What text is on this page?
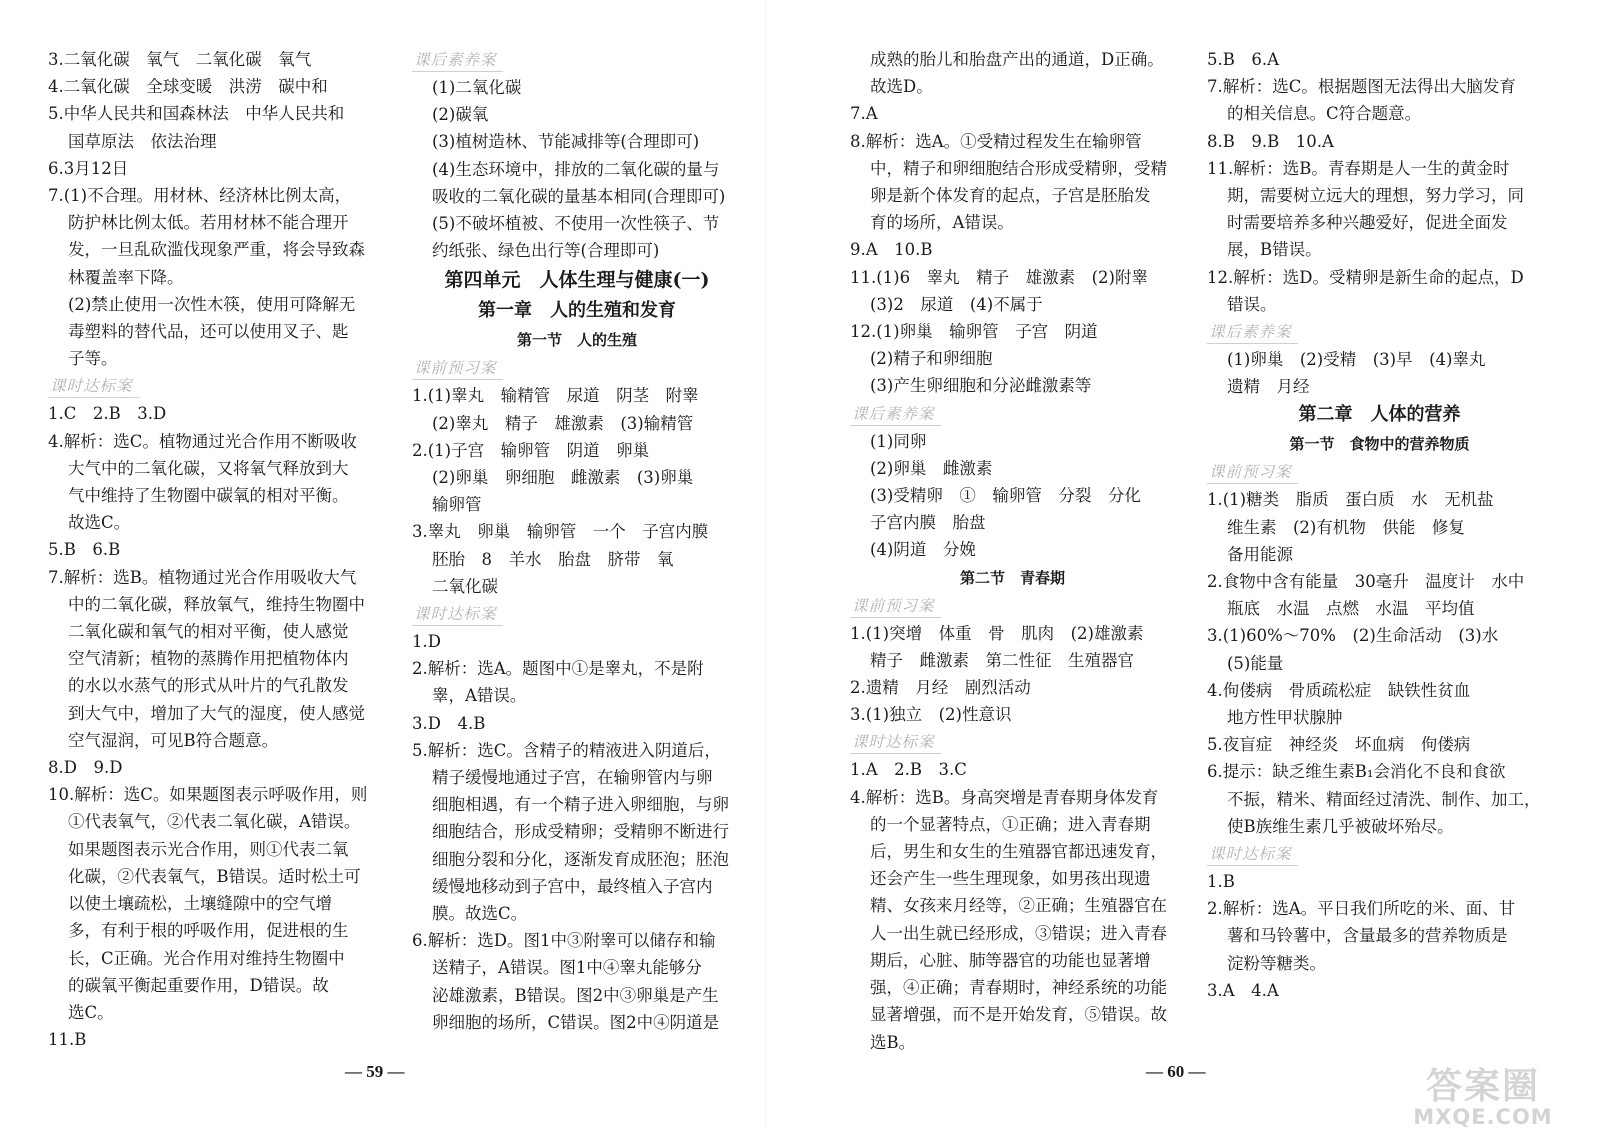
3.二氧化碳　氧气　二氧化碳　氧气
4.二氧化碳　全球变暖　洪涝　碳中和
5.中华人民共和国森林法　中华人民共和
国草原法　依法治理
6.3月12日
7.(1)不合理。用材林、经济林比例太高，
防护林比例太低。若用材林不能合理开
发，一旦乱砍滥伐现象严重，将会导致森
林覆盖率下降。
(2)禁止使用一次性木筷，使用可降解无
毒塑料的替代品，还可以使用叉子、匙
子等。
课时达标案
1.C　2.B　3.D
4.解析：选C。植物通过光合作用不断吸收
大气中的二氧化碳，又将氧气释放到大
气中维持了生物圈中碳氧的相对平衡。
故选C。
5.B　6.B
7.解析：选B。植物通过光合作用吸收大气
中的二氧化碳，释放氧气，维持生物圈中
二氧化碳和氧气的相对平衡，使人感觉
空气清新；植物的蒸腾作用把植物体内
的水以水蒸气的形式从叶片的气孔散发
到大气中，增加了大气的湿度，使人感觉
空气湿润，可见B符合题意。
8.D　9.D
10.解析：选C。如果题图表示呼吸作用，则
①代表氧气，②代表二氧化碳，A错误。
如果题图表示光合作用，则①代表二氧
化碳，②代表氧气，B错误。适时松土可
以使土壤疏松，土壤缝隙中的空气增
多，有利于根的呼吸作用，促进根的生
长，C正确。光合作用对维持生物圈中
的碳氧平衡起重要作用，D错误。故
选C。
11.B
课后素养案
(1)二氧化碳
(2)碳氧
(3)植树造林、节能减排等(合理即可)
(4)生态环境中，排放的二氧化碳的量与
吸收的二氧化碳的量基本相同(合理即可)
(5)不破坏植被、不使用一次性筷子、节
约纸张、绿色出行等(合理即可)
第四单元　人体生理与健康(一)
第一章　人的生殖和发育
第一节　人的生殖
课前预习案
1.(1)睾丸　输精管　尿道　阴茎　附睾
(2)睾丸　精子　雄激素　(3)输精管
2.(1)子宫　输卵管　阴道　卵巢
(2)卵巢　卵细胞　雌激素　(3)卵巢
输卵管
3.睾丸　卵巢　输卵管　一个　子宫内膜
胚胎　8　羊水　胎盘　脐带　氧
二氧化碳
课时达标案
1.D
2.解析：选A。题图中①是睾丸，不是附
睾，A错误。
3.D　4.B
5.解析：选C。含精子的精液进入阴道后，
精子缓慢地通过子宫，在输卵管内与卵
细胞相遇，有一个精子进入卵细胞，与卵
细胞结合，形成受精卵；受精卵不断进行
细胞分裂和分化，逐渐发育成胚泡；胚泡
缓慢地移动到子宫中，最终植入子宫内
膜。故选C。
6.解析：选D。图1中③附睾可以储存和输
送精子，A错误。图1中④睾丸能够分
泌雄激素，B错误。图2中③卵巢是产生
卵细胞的场所，C错误。图2中④阴道是
成熟的胎儿和胎盘产出的通道，D正确。
故选D。
7.A
8.解析：选A。①受精过程发生在输卵管
中，精子和卵细胞结合形成受精卵，受精
卵是新个体发育的起点，子宫是胚胎发
育的场所，A错误。
9.A　10.B
11.(1)6　睾丸　精子　雄激素　(2)附睾
(3)2　尿道　(4)不属于
12.(1)卵巢　输卵管　子宫　阴道
(2)精子和卵细胞
(3)产生卵细胞和分泌雌激素等
课后素养案
(1)同卵
(2)卵巢　雌激素
(3)受精卵　①　输卵管　分裂　分化
子宫内膜　胎盘
(4)阴道　分娩
第二节　青春期
课前预习案
1.(1)突增　体重　骨　肌肉　(2)雄激素
精子　雌激素　第二性征　生殖器官
2.遗精　月经　剧烈活动
3.(1)独立　(2)性意识
课时达标案
1.A　2.B　3.C
4.解析：选B。身高突增是青春期身体发育
的一个显著特点，①正确；进入青春期
后，男生和女生的生殖器官都迅速发育，
还会产生一些生理现象，如男孩出现遗
精、女孩来月经等，②正确；生殖器官在
人一出生就已经形成，③错误；进入青春
期后，心脏、肺等器官的功能也显著增
强，④正确；青春期时，神经系统的功能
显著增强，而不是开始发育，⑤错误。故
选B。
5.B　6.A
7.解析：选C。根据题图无法得出大脑发育
的相关信息。C符合题意。
8.B　9.B　10.A
11.解析：选B。青春期是人一生的黄金时
期，需要树立远大的理想，努力学习，同
时需要培养多种兴趣爱好，促进全面发
展，B错误。
12.解析：选D。受精卵是新生命的起点，D
错误。
课后素养案
(1)卵巢　(2)受精　(3)早　(4)睾丸
遗精　月经
第二章　人体的营养
第一节　食物中的营养物质
课前预习案
1.(1)糖类　脂质　蛋白质　水　无机盐
维生素　(2)有机物　供能　修复
备用能源
2.食物中含有能量　30毫升　温度计　水中
瓶底　水温　点燃　水温　平均值
3.(1)60%～70%　(2)生命活动　(3)水
(5)能量
4.佝偻病　骨质疏松症　缺铁性贫血
地方性甲状腺肿
5.夜盲症　神经炎　坏血病　佝偻病
6.提示：缺乏维生素B₁会消化不良和食欲
不振，精米、精面经过清洗、制作、加工，
使B族维生素几乎被破坏殆尽。
课时达标案
1.B
2.解析：选A。平日我们所吃的米、面、甘
薯和马铃薯中，含量最多的营养物质是
淀粉等糖类。
3.A　4.A
— 59 —	— 60 —	答案圈
MXQE.COM
